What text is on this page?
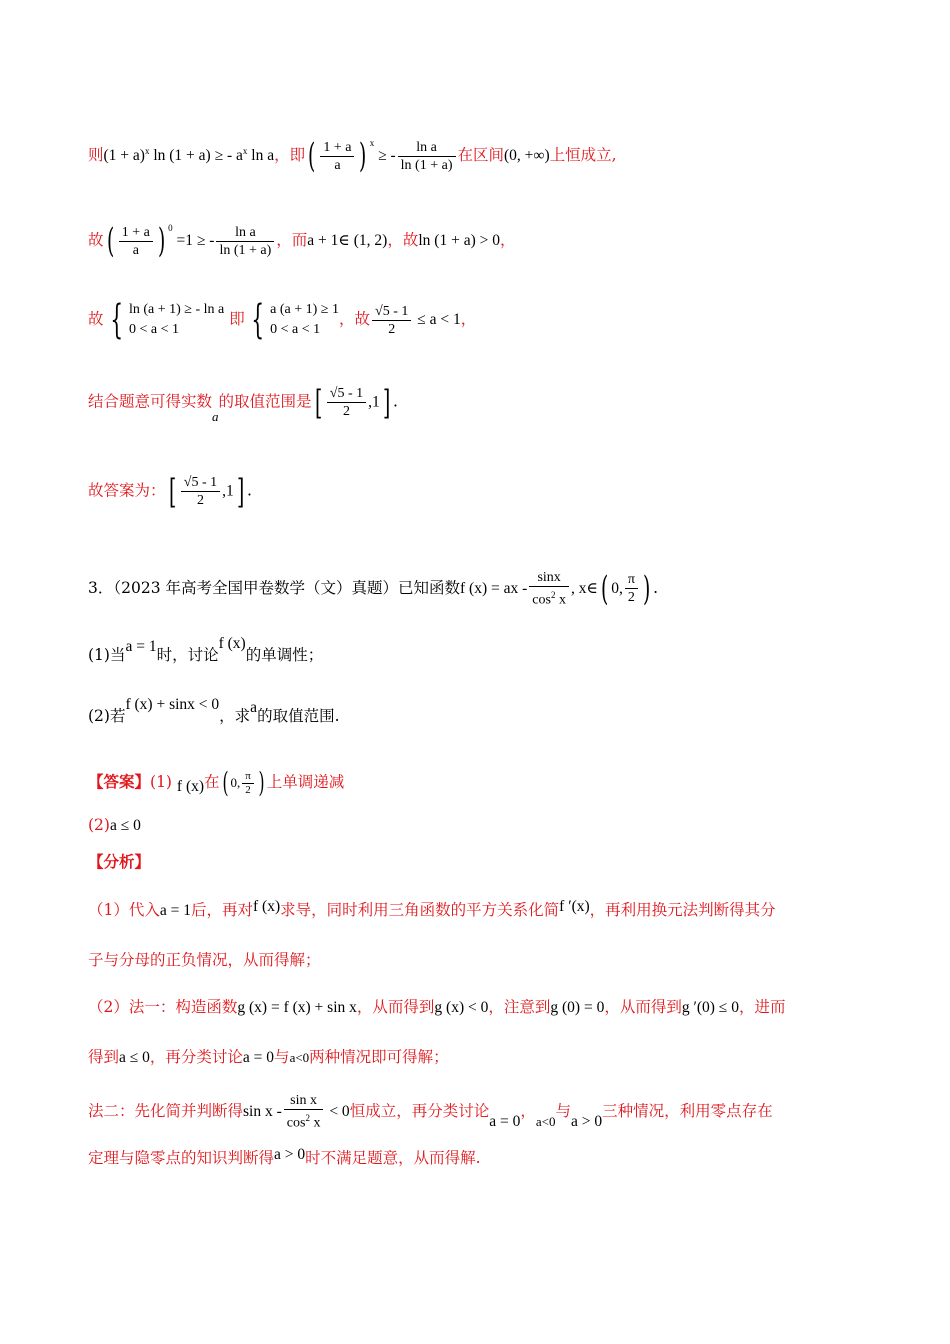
则$(1 + a)^x$ ln (1 + a) ≥ - $a^x$ ln a，即( $\frac{1 + a}{a}$ ) $^x$ ≥ - $\frac{\text{ln a}}{\ln (1 + a)}$ 在区间(0, +∞)上恒成立,
故( $\frac{1 + a}{a}$ ) $^0$ =1 ≥ - $\frac{\text{ln a}}{\ln (1 + a)}$ ，而a + 1∈ (1, 2)，故ln (1 + a) > 0，
故 { ln (a + 1) ≥ - ln a
0 < a < 1
即 { a (a + 1) ≥ 1
0 < a < 1
，故 $\frac{√5 - 1}{2} \le a < 1$，
结合题意可得实数$_a$的取值范围是[ $\frac{√5 - 1}{2} ,1$] .
故答案为：[ $\frac{√5 - 1}{2} ,1$] .
3．（2023 年高考全国甲卷数学（文）真题）已知函数f (x) = ax - $\frac{\sin x}{\cos^2 x}$ , x∈( 0, $\frac{\pi}{2}$ ) .
(1)当a = 1时，讨论f (x)的单调性；
(2)若f (x) + sinx < 0，求a的取值范围.
【答案】(1) f (x)在( 0, $\frac{\pi}{2}$ ) 上单调递减
(2)a ≤ 0
【分析】
（1）代入a = 1后，再对f (x)求导，同时利用三角函数的平方关系化简f ′(x)，再利用换元法判断得其分
子与分母的正负情况，从而得解；
（2）法一：构造函数g (x) = f (x) + sin x，从而得到g (x) < 0，注意到g (0) = 0，从而得到g ′(0) ≤ 0，进而
得到a ≤ 0，再分类讨论a = 0与a<0两种情况即可得解；
法二：先化简并判断得$\sin x - \frac{\text{sin x}}{\cos^2 x} < 0$恒成立，再分类讨论a = 0，$_{a<0}$与a > 0三种情况，利用零点存在
定理与隐零点的知识判断得a > 0时不满足题意，从而得解.
